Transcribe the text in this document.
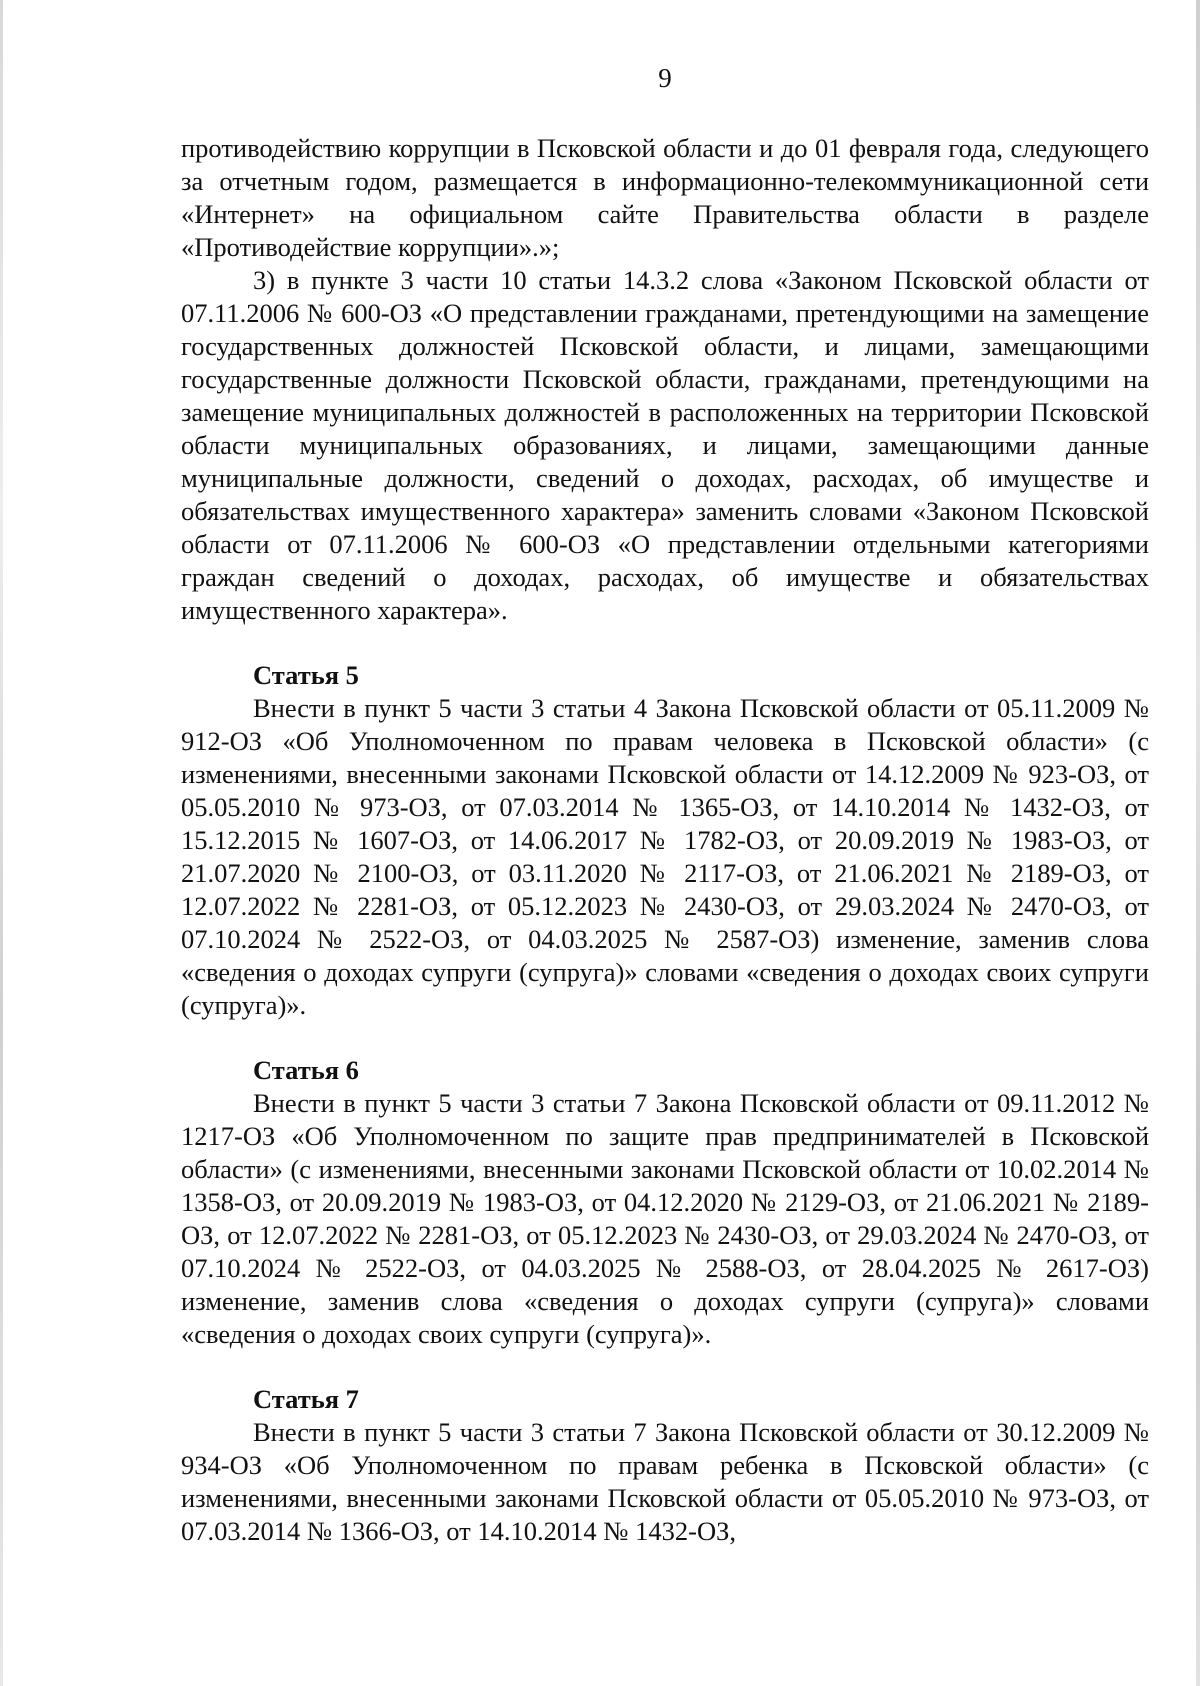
9

противодействию коррупции в Псковской области и до 01 февраля года, следующего за отчетным годом, размещается в информационно-телекоммуникационной сети «Интернет» на официальном сайте Правительства области в разделе «Противодействие коррупции».»;

3) в пункте 3 части 10 статьи 14.3.2 слова «Законом Псковской области от 07.11.2006 № 600-ОЗ «О представлении гражданами, претендующими на замещение государственных должностей Псковской области, и лицами, замещающими государственные должности Псковской области, гражданами, претендующими на замещение муниципальных должностей в расположенных на территории Псковской области муниципальных образованиях, и лицами, замещающими данные муниципальные должности, сведений о доходах, расходах, об имуществе и обязательствах имущественного характера» заменить словами «Законом Псковской области от 07.11.2006 № 600-ОЗ «О представлении отдельными категориями граждан сведений о доходах, расходах, об имуществе и обязательствах имущественного характера».

Статья 5

Внести в пункт 5 части 3 статьи 4 Закона Псковской области от 05.11.2009 № 912-ОЗ «Об Уполномоченном по правам человека в Псковской области» (с изменениями, внесенными законами Псковской области от 14.12.2009 № 923-ОЗ, от 05.05.2010 № 973-ОЗ, от 07.03.2014 № 1365-ОЗ, от 14.10.2014 № 1432-ОЗ, от 15.12.2015 № 1607-ОЗ, от 14.06.2017 № 1782-ОЗ, от 20.09.2019 № 1983-ОЗ, от 21.07.2020 № 2100-ОЗ, от 03.11.2020 № 2117-ОЗ, от 21.06.2021 № 2189-ОЗ, от 12.07.2022 № 2281-ОЗ, от 05.12.2023 № 2430-ОЗ, от 29.03.2024 № 2470-ОЗ, от 07.10.2024 № 2522-ОЗ, от 04.03.2025 № 2587-ОЗ) изменение, заменив слова «сведения о доходах супруги (супруга)» словами «сведения о доходах своих супруги (супруга)».

Статья 6

Внести в пункт 5 части 3 статьи 7 Закона Псковской области от 09.11.2012 № 1217-ОЗ «Об Уполномоченном по защите прав предпринимателей в Псковской области» (с изменениями, внесенными законами Псковской области от 10.02.2014 № 1358-ОЗ, от 20.09.2019 № 1983-ОЗ, от 04.12.2020 № 2129-ОЗ, от 21.06.2021 № 2189-ОЗ, от 12.07.2022 № 2281-ОЗ, от 05.12.2023 № 2430-ОЗ, от 29.03.2024 № 2470-ОЗ, от 07.10.2024 № 2522-ОЗ, от 04.03.2025 № 2588-ОЗ, от 28.04.2025 № 2617-ОЗ) изменение, заменив слова «сведения о доходах супруги (супруга)» словами «сведения о доходах своих супруги (супруга)».

Статья 7

Внести в пункт 5 части 3 статьи 7 Закона Псковской области от 30.12.2009 № 934-ОЗ «Об Уполномоченном по правам ребенка в Псковской области» (с изменениями, внесенными законами Псковской области от 05.05.2010 № 973-ОЗ, от 07.03.2014 № 1366-ОЗ, от 14.10.2014 № 1432-ОЗ,
